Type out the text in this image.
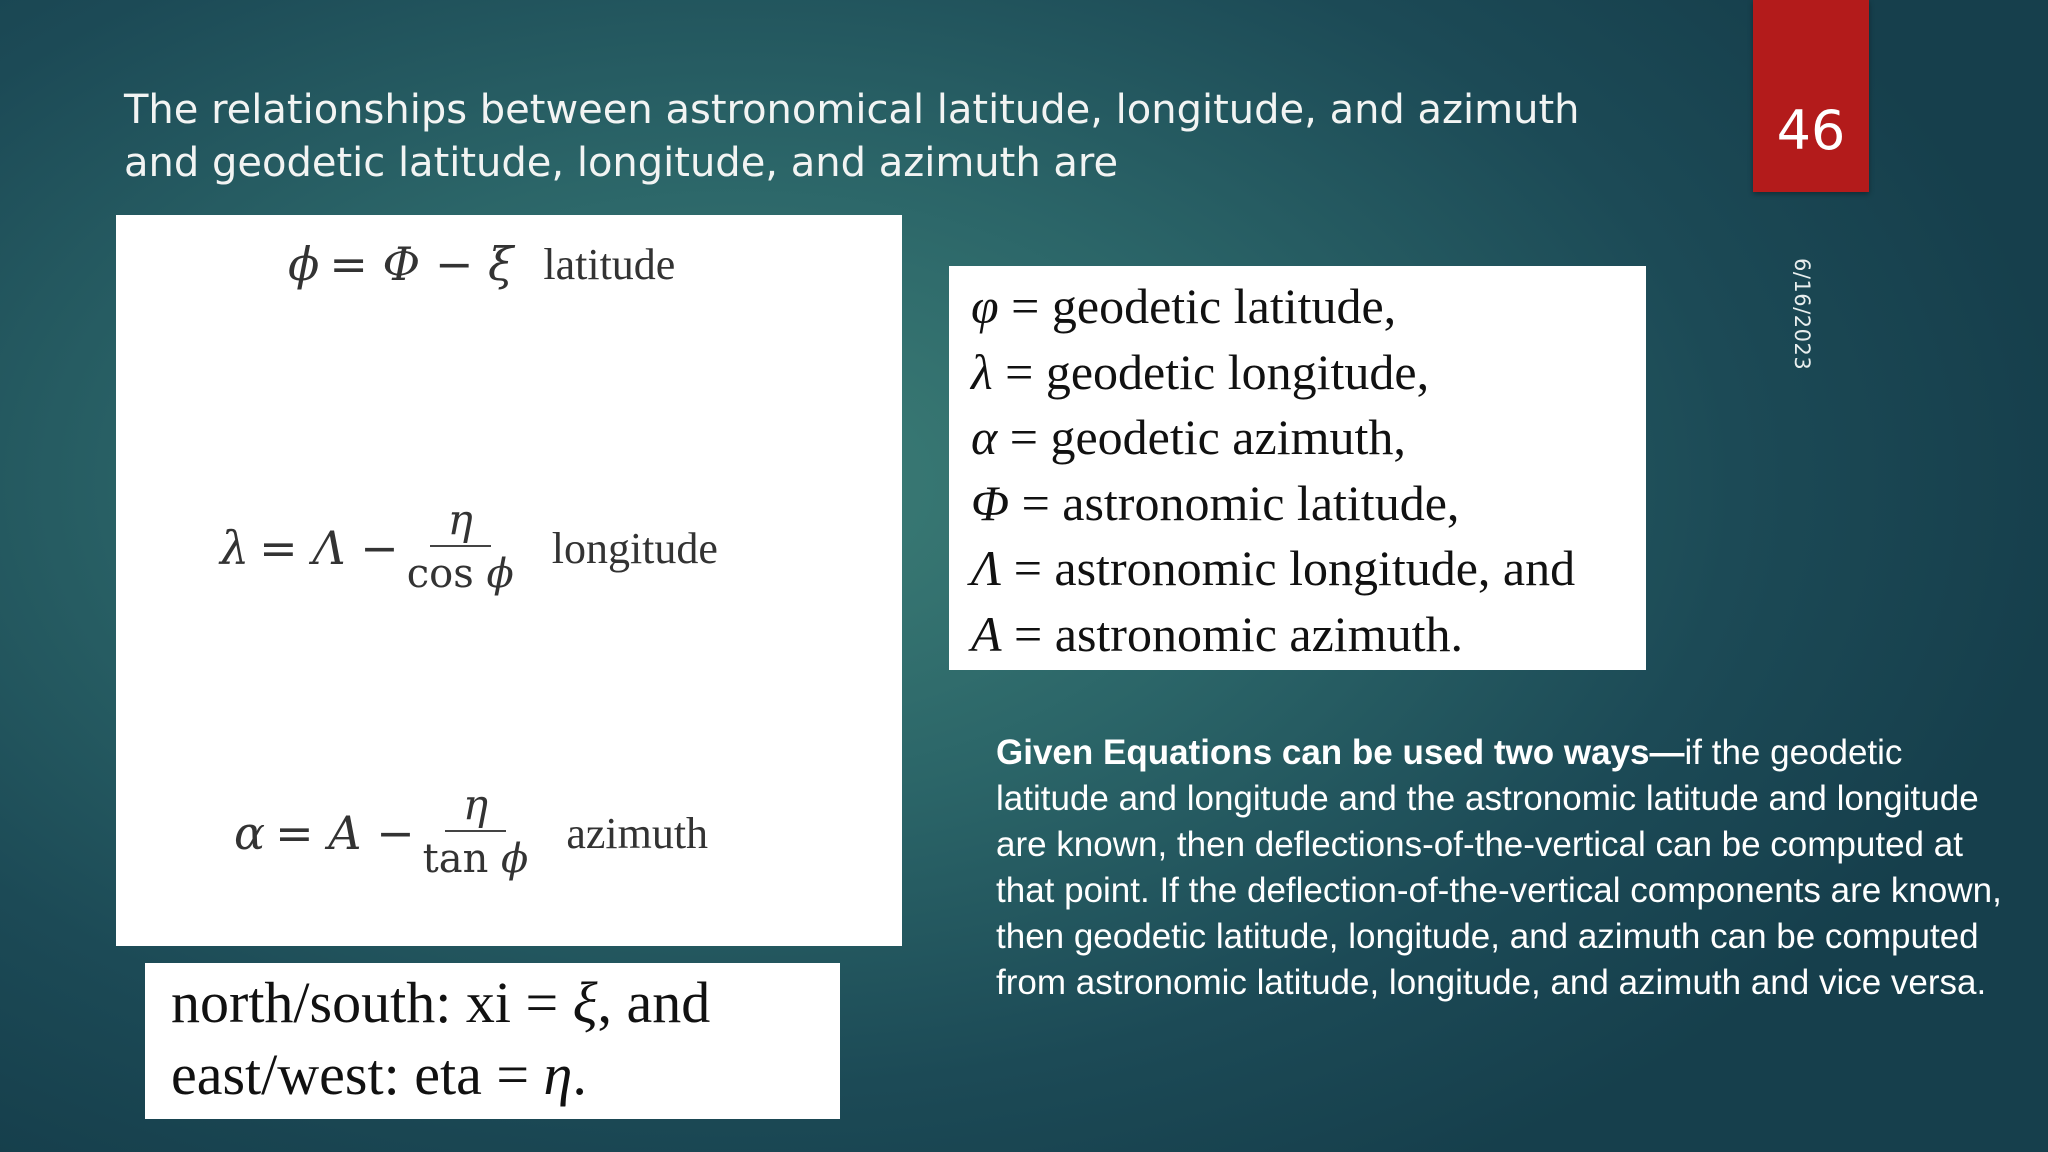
The relationships between astronomical latitude, longitude, and azimuth
and geodetic latitude, longitude, and azimuth are
46
6/16/2023
ϕ = Φ − ξ latitude
$\lambda = \Lambda - \frac{\eta}{\text{cos ϕ}}$ longitude
$\alpha = A - \frac{\eta}{\text{tan ϕ}}$ azimuth
φ = geodetic latitude,
λ = geodetic longitude,
α = geodetic azimuth,
Φ = astronomic latitude,
Λ = astronomic longitude, and
A = astronomic azimuth.
north/south: xi = ξ, and
east/west: eta = η.

Given Equations can be used two ways—if the geodetic latitude and longitude and the astronomic latitude and longitude are known, then deflections-of-the-vertical can be computed at that point. If the deflection-of-the-vertical components are known, then geodetic latitude, longitude, and azimuth can be computed from astronomic latitude, longitude, and azimuth and vice versa.
